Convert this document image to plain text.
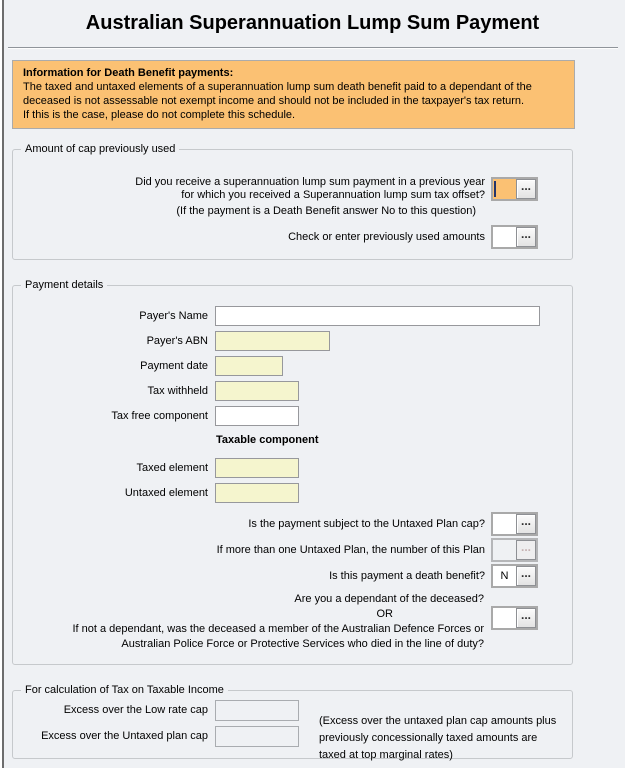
Australian Superannuation Lump Sum Payment
Information for Death Benefit payments:
The taxed and untaxed elements of a superannuation lump sum death benefit paid to a dependant of the deceased is not assessable not exempt income and should not be included in the taxpayer's tax return.
If this is the case, please do not complete this schedule.
Amount of cap previously used
Did you receive a superannuation lump sum payment in a previous year
for which you received a Superannuation lump sum tax offset?
...
(If the payment is a Death Benefit answer No to this question)
Check or enter previously used amounts	...
Payment details
Payer's Name
Payer's ABN
Payment date
Tax withheld
Tax free component
Taxable component
Taxed element
Untaxed element
Is the payment subject to the Untaxed Plan cap?	...
If more than one Untaxed Plan, the number of this Plan	...
Is this payment a death benefit?	N	...
Are you a dependant of the deceased?
OR
If not a dependant, was the deceased a member of the Australian Defence Forces or
Australian Police Force or Protective Services who died in the line of duty?
...
For calculation of Tax on Taxable Income
Excess over the Low rate cap
Excess over the Untaxed plan cap
(Excess over the untaxed plan cap amounts plus
previously concessionally taxed amounts are
taxed at top marginal rates)
